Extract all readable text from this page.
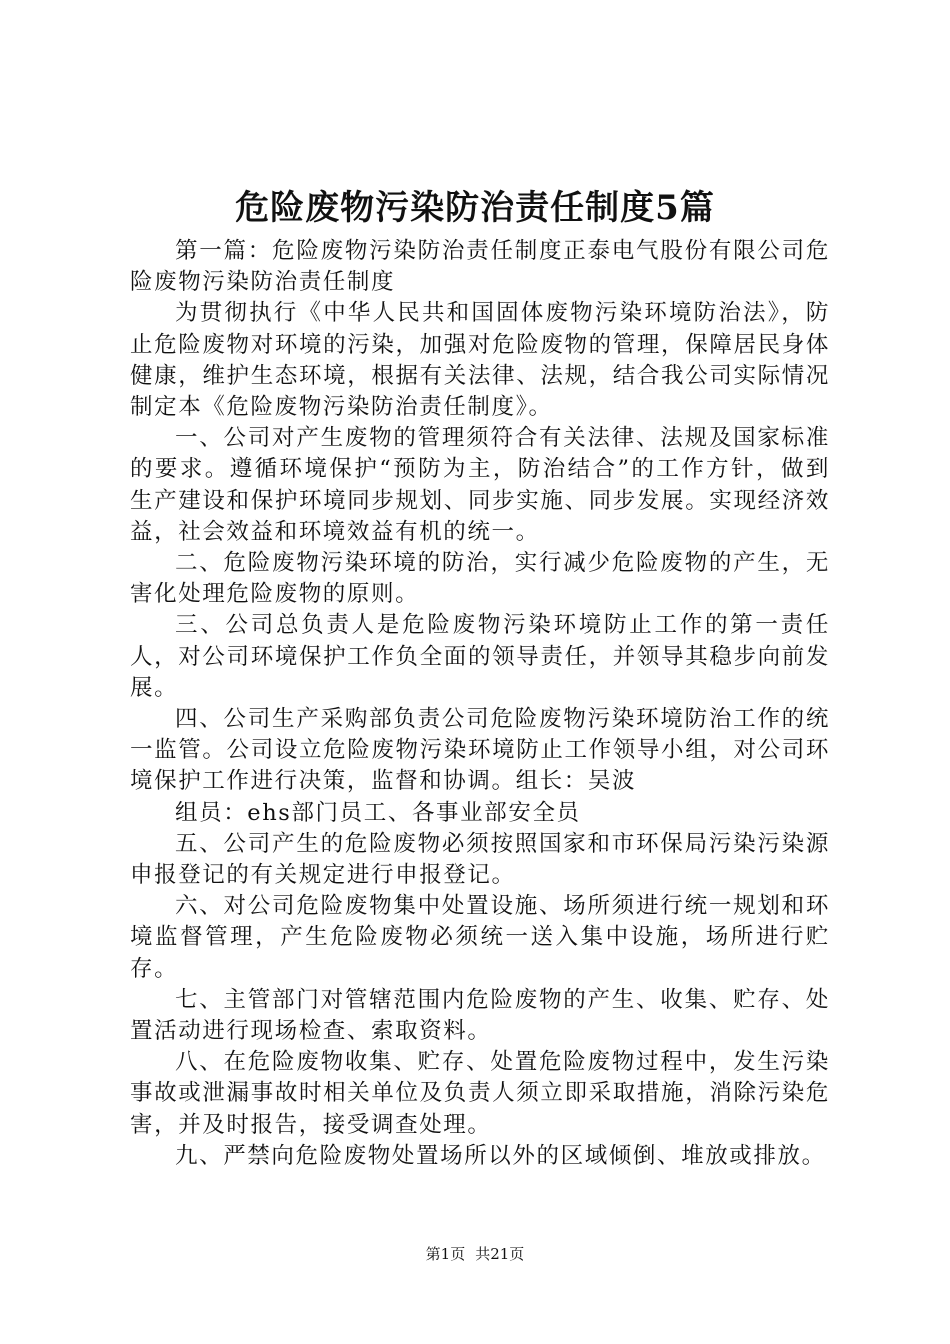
危险废物污染防治责任制度5篇

第一篇：危险废物污染防治责任制度正泰电气股份有限公司危险废物污染防治责任制度

为贯彻执行《中华人民共和国固体废物污染环境防治法》，防止危险废物对环境的污染，加强对危险废物的管理，保障居民身体健康，维护生态环境，根据有关法律、法规，结合我公司实际情况制定本《危险废物污染防治责任制度》。

一、公司对产生废物的管理须符合有关法律、法规及国家标准的要求。遵循环境保护“预防为主，防治结合”的工作方针，做到生产建设和保护环境同步规划、同步实施、同步发展。实现经济效益，社会效益和环境效益有机的统一。

二、危险废物污染环境的防治，实行减少危险废物的产生，无害化处理危险废物的原则。

三、公司总负责人是危险废物污染环境防止工作的第一责任人，对公司环境保护工作负全面的领导责任，并领导其稳步向前发展。

四、公司生产采购部负责公司危险废物污染环境防治工作的统一监管。公司设立危险废物污染环境防止工作领导小组，对公司环境保护工作进行决策，监督和协调。组长：吴波

组员：ehs部门员工、各事业部安全员

五、公司产生的危险废物必须按照国家和市环保局污染污染源申报登记的有关规定进行申报登记。

六、对公司危险废物集中处置设施、场所须进行统一规划和环境监督管理，产生危险废物必须统一送入集中设施，场所进行贮存。

七、主管部门对管辖范围内危险废物的产生、收集、贮存、处置活动进行现场检查、索取资料。

八、在危险废物收集、贮存、处置危险废物过程中，发生污染事故或泄漏事故时相关单位及负责人须立即采取措施，消除污染危害，并及时报告，接受调查处理。

九、严禁向危险废物处置场所以外的区域倾倒、堆放或排放。

第1页 共21页
